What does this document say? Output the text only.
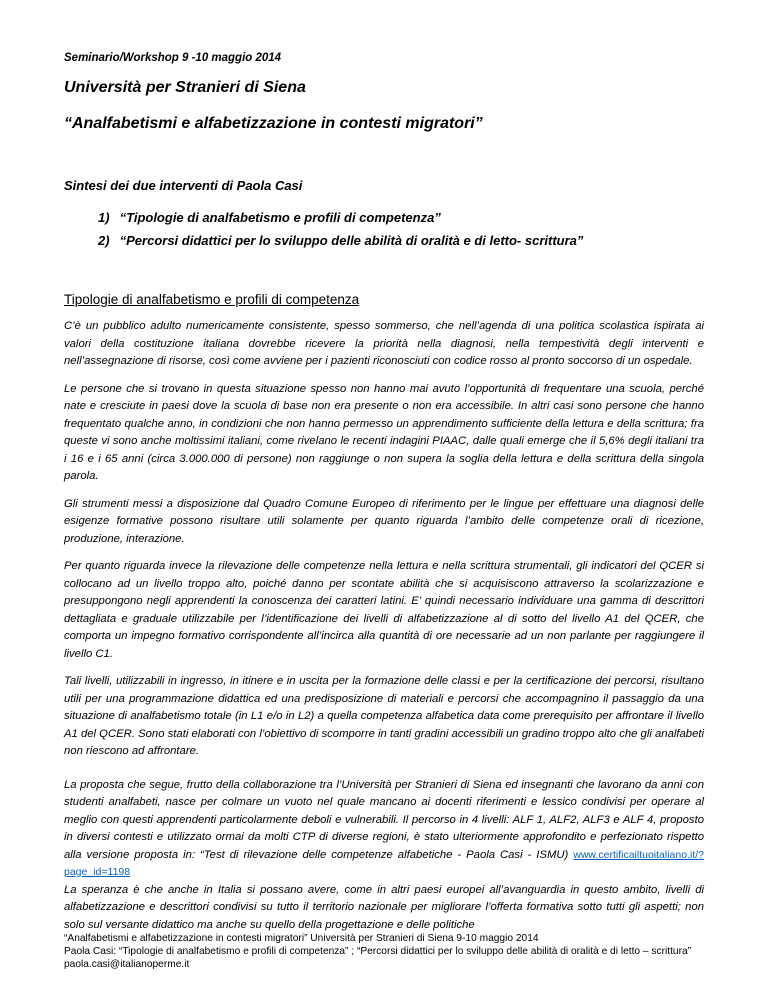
Seminario/Workshop 9 -10 maggio 2014
Università per Stranieri di Siena
“Analfabetismi e alfabetizzazione in contesti migratori”
Sintesi dei due interventi di Paola Casi
1) “Tipologie di analfabetismo e profili di competenza”
2) “Percorsi didattici per lo sviluppo delle abilità di oralità e di letto- scrittura”
Tipologie di analfabetismo e profili di competenza

C’è un pubblico adulto numericamente consistente, spesso sommerso, che nell’agenda di una politica scolastica ispirata ai valori della costituzione italiana dovrebbe ricevere la priorità nella diagnosi, nella tempestività degli interventi e nell’assegnazione di risorse, così come avviene per i pazienti riconosciuti con codice rosso al pronto soccorso di un ospedale.

Le persone che si trovano in questa situazione spesso non hanno mai avuto l’opportunità di frequentare una scuola, perché nate e cresciute in paesi dove la scuola di base non era presente o non era accessibile. In altri casi sono persone che hanno frequentato qualche anno, in condizioni che non hanno permesso un apprendimento sufficiente della lettura e della scrittura; fra queste vi sono anche moltissimi italiani, come rivelano le recenti indagini PIAAC, dalle quali emerge che il 5,6% degli italiani tra i 16 e i 65 anni (circa 3.000.000 di persone) non raggiunge o non supera la soglia della lettura e della scrittura della singola parola.

Gli strumenti messi a disposizione dal Quadro Comune Europeo di riferimento per le lingue per effettuare una diagnosi delle esigenze formative possono risultare utili solamente per quanto riguarda l’ambito delle competenze orali di ricezione, produzione, interazione.

Per quanto riguarda invece la rilevazione delle competenze nella lettura e nella scrittura strumentali, gli indicatori del QCER si collocano ad un livello troppo alto, poiché danno per scontate abilità che si acquisiscono attraverso la scolarizzazione e presuppongono negli apprendenti la conoscenza dei caratteri latini. E’ quindi necessario individuare una gamma di descrittori dettagliata e graduale utilizzabile per l’identificazione dei livelli di alfabetizzazione al di sotto del livello A1 del QCER, che comporta un impegno formativo corrispondente all’incirca alla quantità di ore necessarie ad un non parlante per raggiungere il livello C1.

Tali livelli, utilizzabili in ingresso, in itinere e in uscita per la formazione delle classi e per la certificazione dei percorsi, risultano utili per una programmazione didattica ed una predisposizione di materiali e percorsi che accompagnino il passaggio da una situazione di analfabetismo totale (in L1 e/o in L2) a quella competenza alfabetica data come prerequisito per affrontare il livello A1 del QCER. Sono stati elaborati con l’obiettivo di scomporre in tanti gradini accessibili un gradino troppo alto che gli analfabeti non riescono ad affrontare.

La proposta che segue, frutto della collaborazione tra l’Università per Stranieri di Siena ed insegnanti che lavorano da anni con studenti analfabeti, nasce per colmare un vuoto nel quale mancano ai docenti riferimenti e lessico condivisi per operare al meglio con questi apprendenti particolarmente deboli e vulnerabili. Il percorso in 4 livelli: ALF 1, ALF2, ALF3 e ALF 4, proposto in diversi contesti e utilizzato ormai da molti CTP di diverse regioni, è stato ulteriormente approfondito e perfezionato rispetto alla versione proposta in: “Test di rilevazione delle competenze alfabetiche - Paola Casi - ISMU) www.certificailtuoitaliano.it/?page_id=1198

La speranza è che anche in Italia si possano avere, come in altri paesi europei all’avanguardia in questo ambito, livelli di alfabetizzazione e descrittori condivisi su tutto il territorio nazionale per migliorare l’offerta formativa sotto tutti gli aspetti; non solo sul versante didattico ma anche su quello della progettazione e delle politiche

“Analfabetismi e alfabetizzazione in contesti migratori” Università per Stranieri di Siena 9-10 maggio 2014
Paola Casi: “Tipologie di analfabetismo e profili di competenza” ; “Percorsi didattici per lo sviluppo delle abilità di oralità e di letto – scrittura” paola.casi@italianoperme.it
